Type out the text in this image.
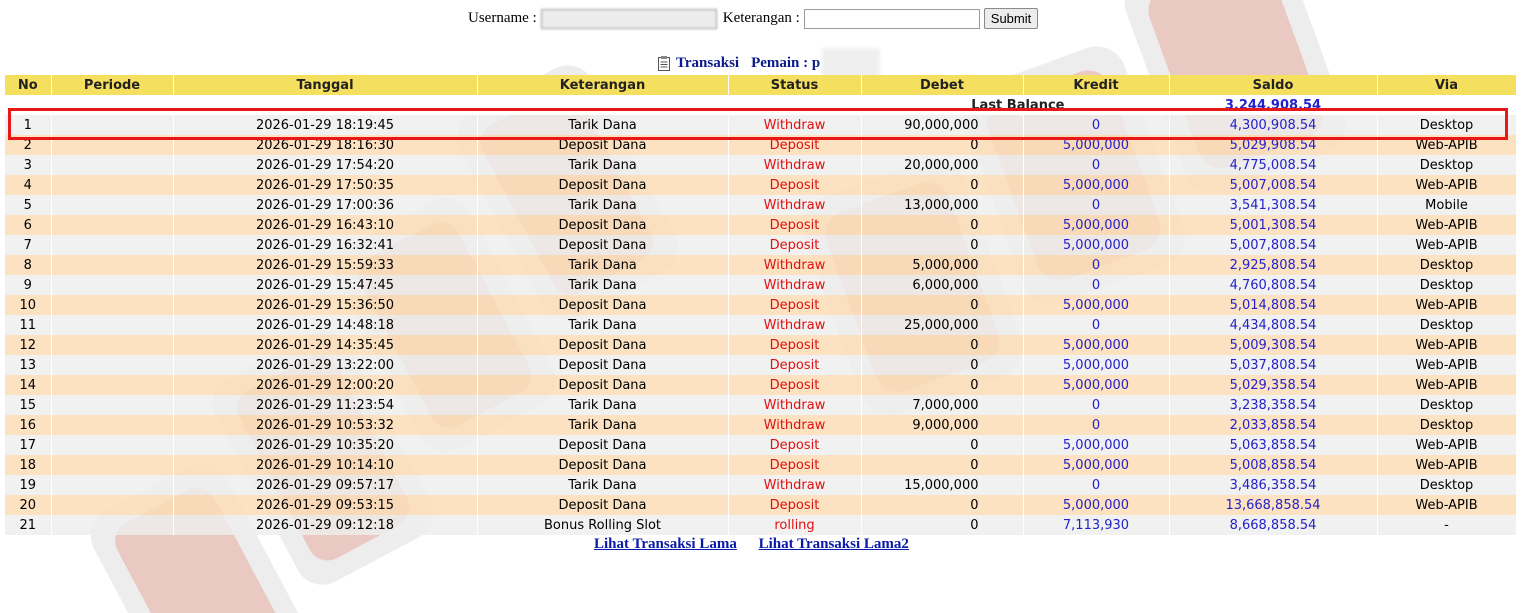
Username :	Keterangan :	Submit
Transaksi Pemain : p
No	Periode	Tanggal	Keterangan	Status	Debet	Kredit	Saldo	Via
					Last Balance		3,244,908.54	
1		2026-01-29 18:19:45	Tarik Dana	Withdraw	90,000,000	0	4,300,908.54	Desktop
2		2026-01-29 18:16:30	Deposit Dana	Deposit	0	5,000,000	5,029,908.54	Web-APIB
3		2026-01-29 17:54:20	Tarik Dana	Withdraw	20,000,000	0	4,775,008.54	Desktop
4		2026-01-29 17:50:35	Deposit Dana	Deposit	0	5,000,000	5,007,008.54	Web-APIB
5		2026-01-29 17:00:36	Tarik Dana	Withdraw	13,000,000	0	3,541,308.54	Mobile
6		2026-01-29 16:43:10	Deposit Dana	Deposit	0	5,000,000	5,001,308.54	Web-APIB
7		2026-01-29 16:32:41	Deposit Dana	Deposit	0	5,000,000	5,007,808.54	Web-APIB
8		2026-01-29 15:59:33	Tarik Dana	Withdraw	5,000,000	0	2,925,808.54	Desktop
9		2026-01-29 15:47:45	Tarik Dana	Withdraw	6,000,000	0	4,760,808.54	Desktop
10		2026-01-29 15:36:50	Deposit Dana	Deposit	0	5,000,000	5,014,808.54	Web-APIB
11		2026-01-29 14:48:18	Tarik Dana	Withdraw	25,000,000	0	4,434,808.54	Desktop
12		2026-01-29 14:35:45	Deposit Dana	Deposit	0	5,000,000	5,009,308.54	Web-APIB
13		2026-01-29 13:22:00	Deposit Dana	Deposit	0	5,000,000	5,037,808.54	Web-APIB
14		2026-01-29 12:00:20	Deposit Dana	Deposit	0	5,000,000	5,029,358.54	Web-APIB
15		2026-01-29 11:23:54	Tarik Dana	Withdraw	7,000,000	0	3,238,358.54	Desktop
16		2026-01-29 10:53:32	Tarik Dana	Withdraw	9,000,000	0	2,033,858.54	Desktop
17		2026-01-29 10:35:20	Deposit Dana	Deposit	0	5,000,000	5,063,858.54	Web-APIB
18		2026-01-29 10:14:10	Deposit Dana	Deposit	0	5,000,000	5,008,858.54	Web-APIB
19		2026-01-29 09:57:17	Tarik Dana	Withdraw	15,000,000	0	3,486,358.54	Desktop
20		2026-01-29 09:53:15	Deposit Dana	Deposit	0	5,000,000	13,668,858.54	Web-APIB
21		2026-01-29 09:12:18	Bonus Rolling Slot	rolling	0	7,113,930	8,668,858.54	-
Lihat Transaksi Lama Lihat Transaksi Lama2
